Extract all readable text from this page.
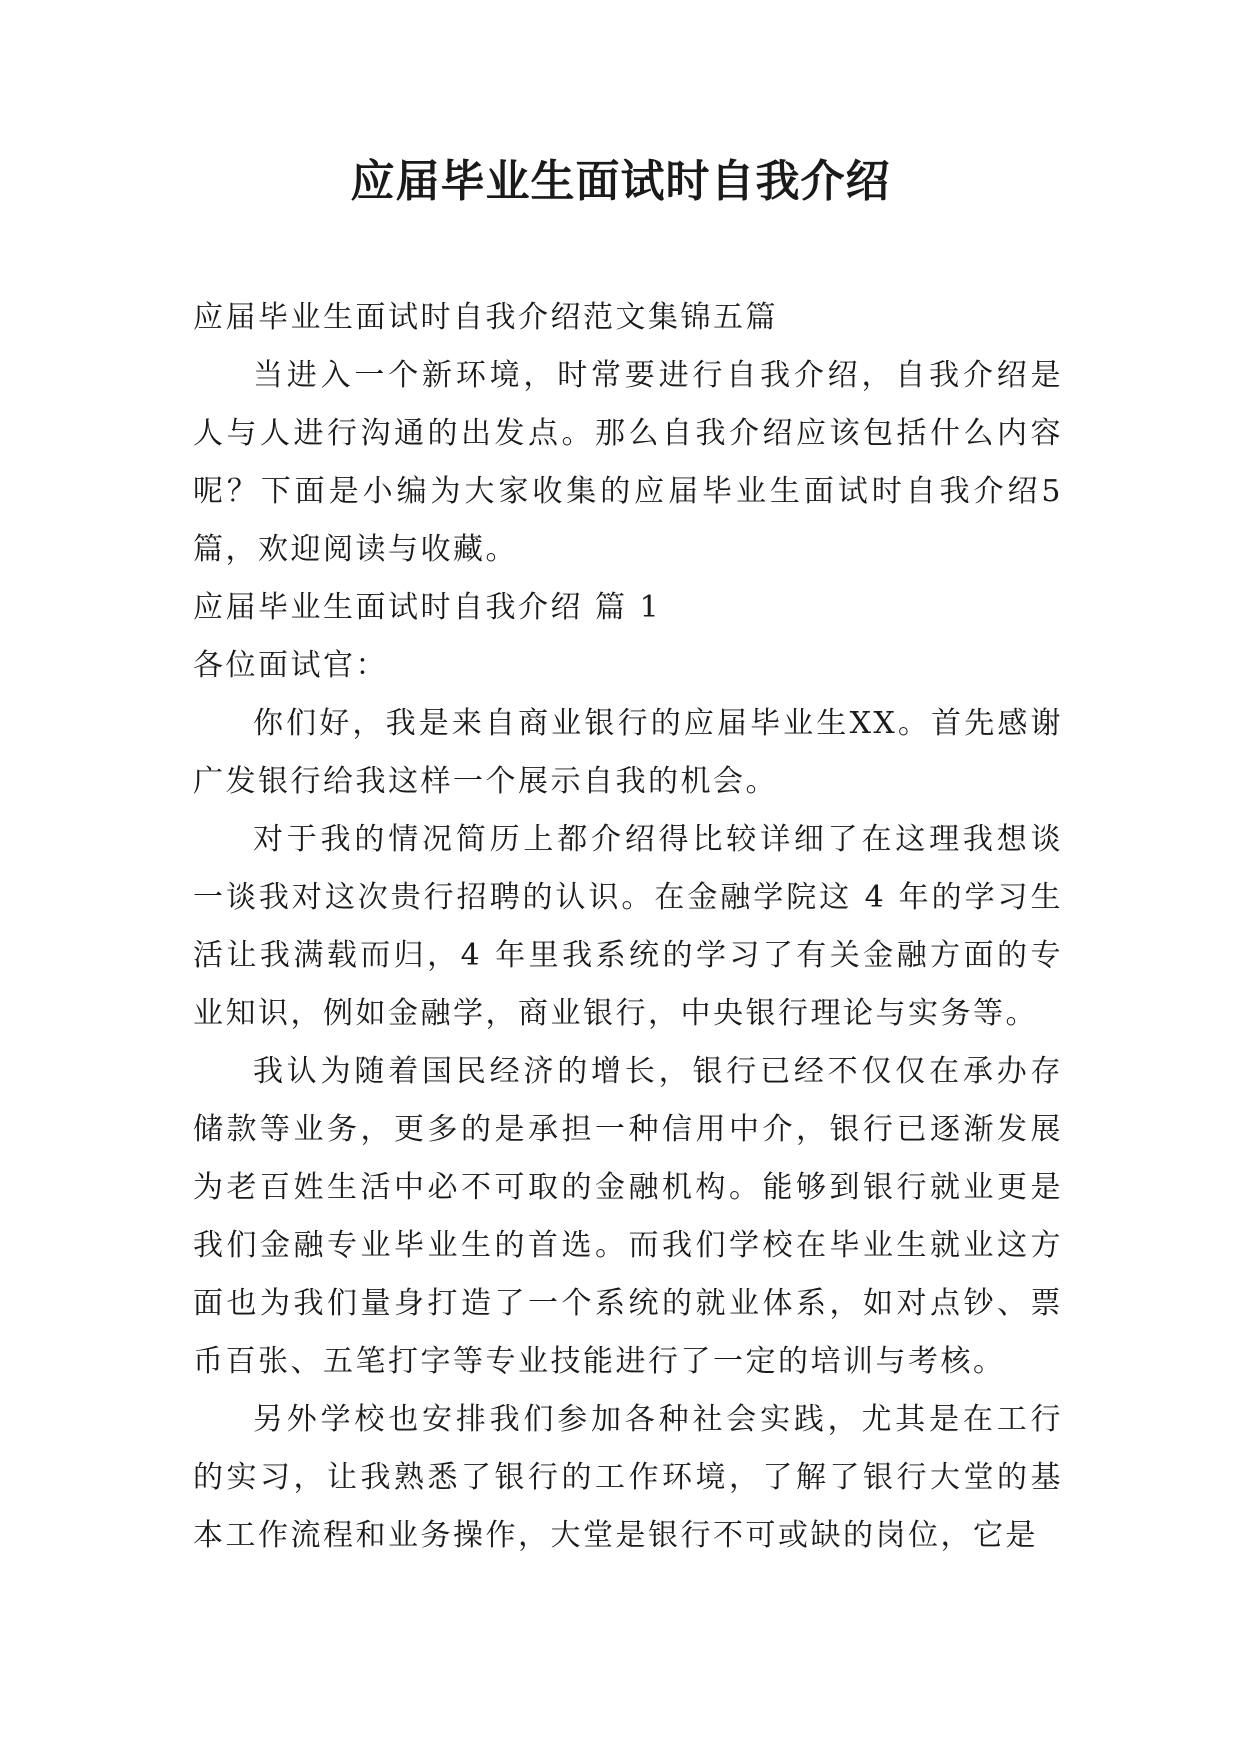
应届毕业生面试时自我介绍

应届毕业生面试时自我介绍范文集锦五篇

当进入一个新环境，时常要进行自我介绍，自我介绍是人与人进行沟通的出发点。那么自我介绍应该包括什么内容呢？下面是小编为大家收集的应届毕业生面试时自我介绍5篇，欢迎阅读与收藏。

应届毕业生面试时自我介绍 篇 1

各位面试官：

你们好，我是来自商业银行的应届毕业生XX。首先感谢广发银行给我这样一个展示自我的机会。

对于我的情况简历上都介绍得比较详细了在这理我想谈一谈我对这次贵行招聘的认识。在金融学院这 4 年的学习生活让我满载而归，4 年里我系统的学习了有关金融方面的专业知识，例如金融学，商业银行，中央银行理论与实务等。

我认为随着国民经济的增长，银行已经不仅仅在承办存储款等业务，更多的是承担一种信用中介，银行已逐渐发展为老百姓生活中必不可取的金融机构。能够到银行就业更是我们金融专业毕业生的首选。而我们学校在毕业生就业这方面也为我们量身打造了一个系统的就业体系，如对点钞、票币百张、五笔打字等专业技能进行了一定的培训与考核。

另外学校也安排我们参加各种社会实践，尤其是在工行的实习，让我熟悉了银行的工作环境，了解了银行大堂的基本工作流程和业务操作，大堂是银行不可或缺的岗位，它是
